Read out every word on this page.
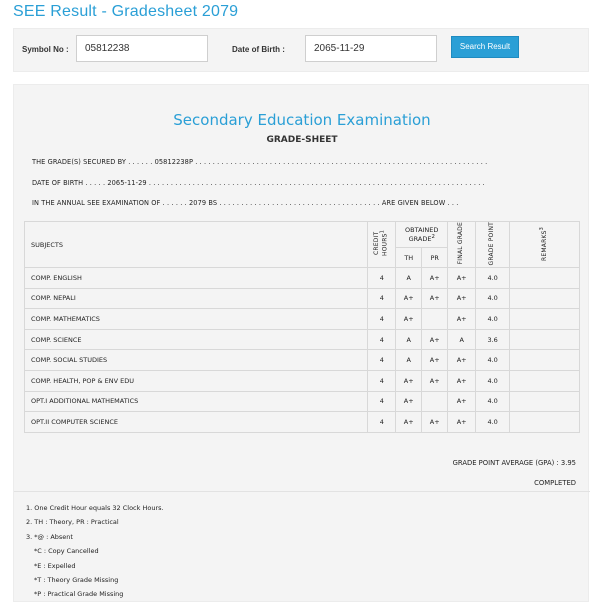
SEE Result - Gradesheet 2079
Symbol No :	05812238	Date of Birth :	2065-11-29	Search Result
Secondary Education Examination
GRADE-SHEET
THE GRADE(S) SECURED BY . . . . . . 05812238P . . . . . . . . . . . . . . . . . . . . . . . . . . . . . . . . . . . . . . . . . . . . . . . . . . . . . . . . . . . . . . . . . . .
DATE OF BIRTH . . . . . 2065-11-29 . . . . . . . . . . . . . . . . . . . . . . . . . . . . . . . . . . . . . . . . . . . . . . . . . . . . . . . . . . . . . . . . . . . . . . . . . . . . .
IN THE ANNUAL SEE EXAMINATION OF . . . . . . 2079 BS . . . . . . . . . . . . . . . . . . . . . . . . . . . . . . . . . . . . . ARE GIVEN BELOW . . .
SUBJECTS	CREDIT HOURS$^1$	OBTAINED GRADE$^2$		FINAL GRADE	GRADE POINT	REMARKS$^3$
		TH	PR			
COMP. ENGLISH	4	A	A+	A+	4.0	
COMP. NEPALI	4	A+	A+	A+	4.0	
COMP. MATHEMATICS	4	A+		A+	4.0	
COMP. SCIENCE	4	A	A+	A	3.6	
COMP. SOCIAL STUDIES	4	A	A+	A+	4.0	
COMP. HEALTH, POP & ENV EDU	4	A+	A+	A+	4.0	
OPT.I ADDITIONAL MATHEMATICS	4	A+		A+	4.0	
OPT.II COMPUTER SCIENCE	4	A+	A+	A+	4.0	
GRADE POINT AVERAGE (GPA) : 3.95
COMPLETED
1. One Credit Hour equals 32 Clock Hours.
2. TH : Theory, PR : Practical
3. *@ : Absent
*C : Copy Cancelled
*E : Expelled
*T : Theory Grade Missing
*P : Practical Grade Missing
